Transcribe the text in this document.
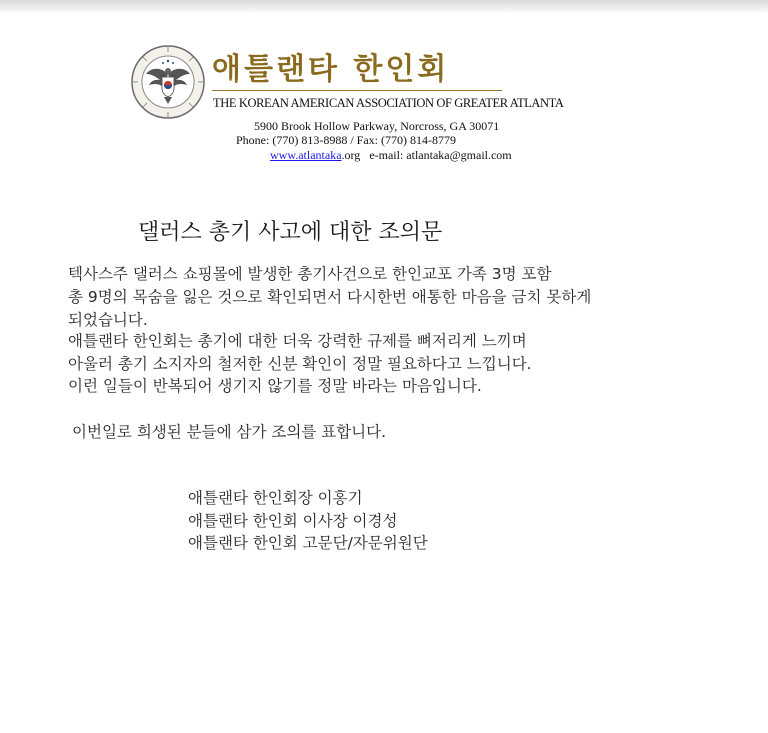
애틀랜타 한인회
THE KOREAN AMERICAN ASSOCIATION OF GREATER ATLANTA
5900 Brook Hollow Parkway, Norcross, GA 30071
Phone: (770) 813-8988 / Fax: (770) 814-8779
www.atlantaka.org e-mail: atlantaka@gmail.com
댈러스 총기 사고에 대한 조의문
텍사스주 댈러스 쇼핑몰에 발생한 총기사건으로 한인교포 가족 3명 포함
총 9명의 목숨을 잃은 것으로 확인되면서 다시한번 애통한 마음을 금치 못하게
되었습니다.
애틀랜타 한인회는 총기에 대한 더욱 강력한 규제를 뼈저리게 느끼며
아울러 총기 소지자의 철저한 신분 확인이 정말 필요하다고 느낍니다.
이런 일들이 반복되어 생기지 않기를 정말 바라는 마음입니다.
이번일로 희생된 분들에 삼가 조의를 표합니다.
애틀랜타 한인회장 이홍기
애틀랜타 한인회 이사장 이경성
애틀랜타 한인회 고문단/자문위원단
